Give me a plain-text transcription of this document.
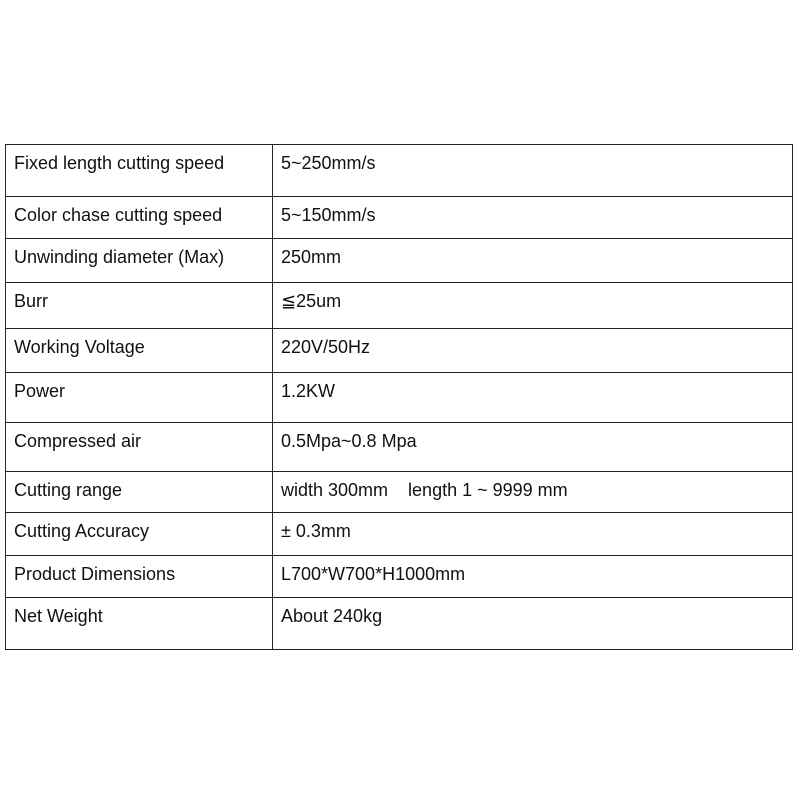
Fixed length cutting speed	5~250mm/s

Color chase cutting speed	5~150mm/s

Unwinding diameter (Max)	250mm

Burr	≦25um

Working Voltage	220V/50Hz

Power	1.2KW

Compressed air	0.5Mpa~0.8 Mpa

Cutting range	width 300mm    length 1 ~ 9999 mm

Cutting Accuracy	± 0.3mm

Product Dimensions	L700*W700*H1000mm

Net Weight	About 240kg
